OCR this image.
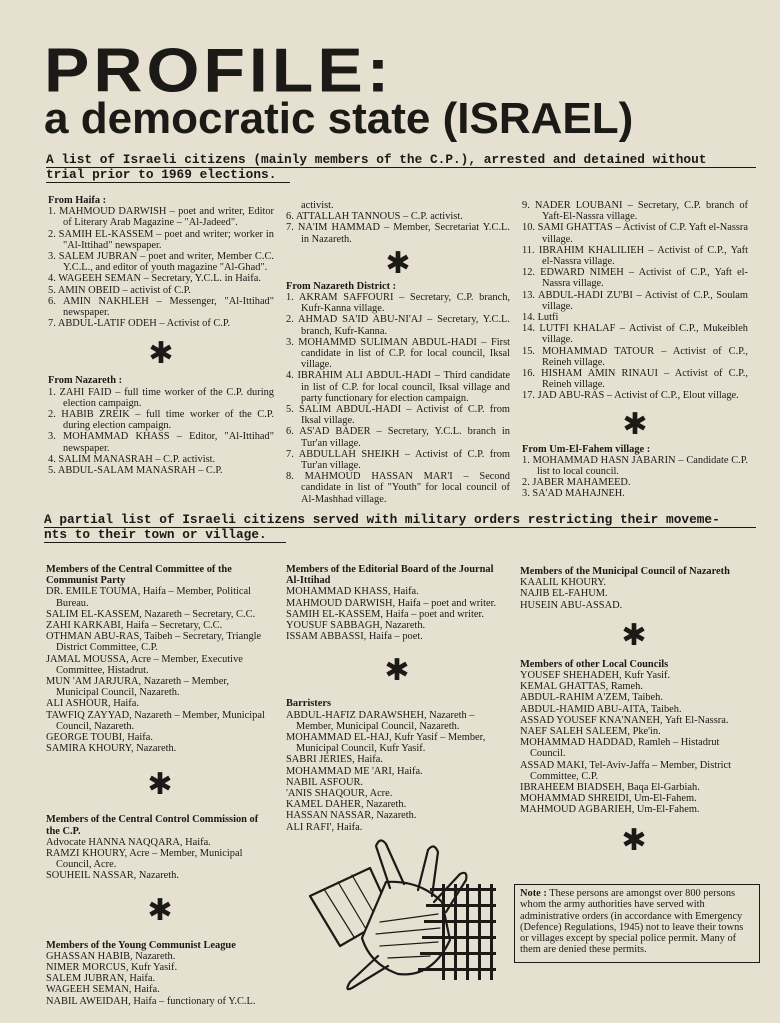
PROFILE:
a democratic state (ISRAEL)
A list of Israeli citizens (mainly members of the C.P.), arrested and detained without
trial prior to 1969 elections.

From Haifa :

1. MAHMOUD DARWISH – poet and writer, Editor of Literary Arab Magazine – "Al-Jadeed".

2. SAMIH EL-KASSEM – poet and writer; worker in "Al-Ittihad" newspaper.

3. SALEM JUBRAN – poet and writer, Member C.C. Y.C.L., and editor of youth magazine "Al-Ghad".

4. WAGEEH SEMAN – Secretary, Y.C.L. in Haifa.

5. AMIN OBEID – activist of C.P.

6. AMIN NAKHLEH – Messenger, "Al-Ittihad" newspaper.

7. ABDUL-LATIF ODEH – Activist of C.P.

✱

From Nazareth :

1. ZAHI FAID – full time worker of the C.P. during election campaign.

2. HABIB ZREIK – full time worker of the C.P. during election campaign.

3. MOHAMMAD KHASS – Editor, "Al-Ittihad" newspaper.

4. SALIM MANASRAH – C.P. activist.

5. ABDUL-SALAM MANASRAH – C.P.

activist.

6. ATTALLAH TANNOUS – C.P. activist.

7. NA'IM HAMMAD – Member, Secretariat Y.C.L. in Nazareth.

✱

From Nazareth District :

1. AKRAM SAFFOURI – Secretary, C.P. branch, Kufr-Kanna village.

2. AHMAD SA'ID ABU-NI'AJ – Secretary, Y.C.L. branch, Kufr-Kanna.

3. MOHAMMD SULIMAN ABDUL-HADI – First candidate in list of C.P. for local council, Iksal village.

4. IBRAHIM ALI ABDUL-HADI – Third candidate in list of C.P. for local council, Iksal village and party functionary for election campaign.

5. SALIM ABDUL-HADI – Activist of C.P. from Iksal village.

6. AS'AD BADER – Secretary, Y.C.L. branch in Tur'an village.

7. ABDULLAH SHEIKH – Activist of C.P. from Tur'an village.

8. MAHMOUD HASSAN MAR'I – Second candidate in list of "Youth" for local council of Al-Mashhad village.

9. NADER LOUBANI – Secretary, C.P. branch of Yaft-El-Nassra village.

10. SAMI GHATTAS – Activist of C.P. Yaft el-Nassra village.

11. IBRAHIM KHALILIEH – Activist of C.P., Yaft el-Nassra village.

12. EDWARD NIMEH – Activist of C.P., Yaft el-Nassra village.

13. ABDUL-HADI ZU'BI – Activist of C.P., Soulam village.

14. Lutfi

14. LUTFI KHALAF – Activist of C.P., Mukeibleh village.

15. MOHAMMAD TATOUR – Activist of C.P., Reineh village.

16. HISHAM AMIN RINAUI – Activist of C.P., Reineh village.

17. JAD ABU-RAS – Activist of C.P., Elout village.

✱

From Um-El-Fahem village :

1. MOHAMMAD HASN JABARIN – Candidate C.P. list to local council.

2. JABER MAHAMEED.

3. SA'AD MAHAJNEH.

A partial list of Israeli citizens served with military orders restricting their moveme-
nts to their town or village.

Members of the Central Committee of the Communist Party

DR. EMILE TOUMA, Haifa – Member, Political Bureau.

SALIM EL-KASSEM, Nazareth – Secretary, C.C.

ZAHI KARKABI, Haifa – Secretary, C.C.

OTHMAN ABU-RAS, Taibeh – Secretary, Triangle District Committee, C.P.

JAMAL MOUSSA, Acre – Member, Executive Committee, Histadrut.

MUN 'AM JARJURA, Nazareth – Member, Municipal Council, Nazareth.

ALI ASHOUR, Haifa.

TAWFIQ ZAYYAD, Nazareth – Member, Municipal Council, Nazareth.

GEORGE TOUBI, Haifa.

SAMIRA KHOURY, Nazareth.

✱

Members of the Central Control Commission of the C.P.

Advocate HANNA NAQQARA, Haifa.

RAMZI KHOURY, Acre – Member, Municipal Council, Acre.

SOUHEIL NASSAR, Nazareth.

✱

Members of the Young Communist League

GHASSAN HABIB, Nazareth.

NIMER MORCUS, Kufr Yasif.

SALEM JUBRAN, Haifa.

WAGEEH SEMAN, Haifa.

NABIL AWEIDAH, Haifa – functionary of Y.C.L.

Members of the Editorial Board of the Journal Al-Ittihad

MOHAMMAD KHASS, Haifa.

MAHMOUD DARWISH, Haifa – poet and writer.

SAMIH EL-KASSEM, Haifa – poet and writer.

YOUSUF SABBAGH, Nazareth.

ISSAM ABBASSI, Haifa – poet.

✱

Barristers

ABDUL-HAFIZ DARAWSHEH, Nazareth – Member, Municipal Council, Nazareth.

MOHAMMAD EL-HAJ, Kufr Yasif – Member, Municipal Council, Kufr Yasif.

SABRI JERIES, Haifa.

MOHAMMAD ME 'ARI, Haifa.

NABIL ASFOUR.

'ANIS SHAQOUR, Acre.

KAMEL DAHER, Nazareth.

HASSAN NASSAR, Nazareth.

ALI RAFI', Haifa.

Members of the Municipal Council of Nazareth

KAALIL KHOURY.

NAJIB EL-FAHUM.

HUSEIN ABU-ASSAD.

✱

Members of other Local Councils

YOUSEF SHEHADEH, Kufr Yasif.

KEMAL GHATTAS, Rameh.

ABDUL-RAHIM A'ZEM, Taibeh.

ABDUL-HAMID ABU-AITA, Taibeh.

ASSAD YOUSEF KNA'NANEH, Yaft El-Nassra.

NAEF SALEH SALEEM, Pke'in.

MOHAMMAD HADDAD, Ramleh – Histadrut Council.

ASSAD MAKI, Tel-Aviv-Jaffa – Member, District Committee, C.P.

IBRAHEEM BIADSEH, Baqa El-Garbiah.

MOHAMMAD SHREIDI, Um-El-Fahem.

MAHMOUD AGBARIEH, Um-El-Fahem.

✱
Note : These persons are amongst over 800 persons whom the army authorities have served with administrative orders (in accordance with Emergency (Defence) Regulations, 1945) not to leave their towns or villages except by special police permit. Many of them are denied these permits.
